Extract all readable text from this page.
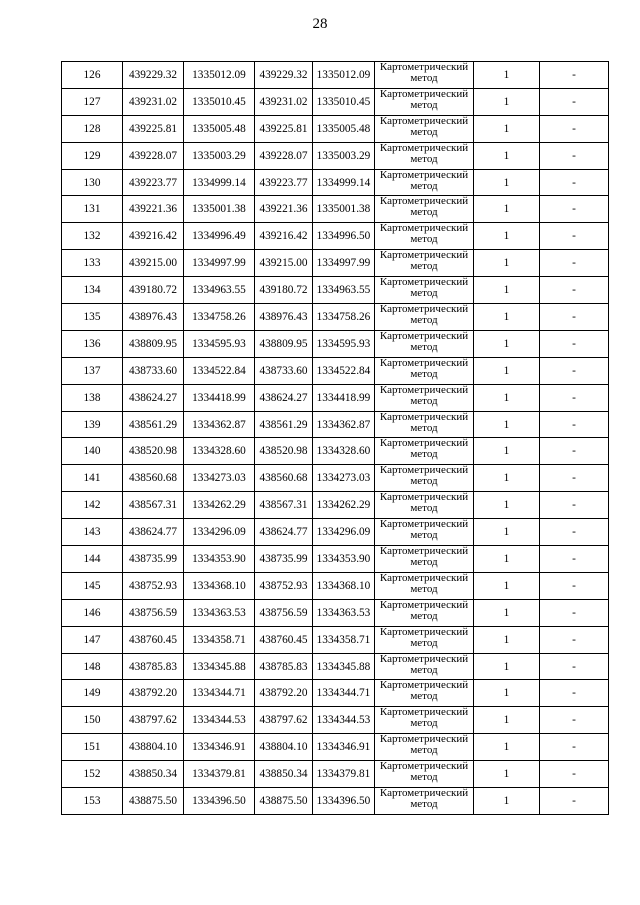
28
126	439229.32	1335012.09	439229.32	1335012.09	Картометрический
метод	1	-
127	439231.02	1335010.45	439231.02	1335010.45	Картометрический
метод	1	-
128	439225.81	1335005.48	439225.81	1335005.48	Картометрический
метод	1	-
129	439228.07	1335003.29	439228.07	1335003.29	Картометрический
метод	1	-
130	439223.77	1334999.14	439223.77	1334999.14	Картометрический
метод	1	-
131	439221.36	1335001.38	439221.36	1335001.38	Картометрический
метод	1	-
132	439216.42	1334996.49	439216.42	1334996.50	Картометрический
метод	1	-
133	439215.00	1334997.99	439215.00	1334997.99	Картометрический
метод	1	-
134	439180.72	1334963.55	439180.72	1334963.55	Картометрический
метод	1	-
135	438976.43	1334758.26	438976.43	1334758.26	Картометрический
метод	1	-
136	438809.95	1334595.93	438809.95	1334595.93	Картометрический
метод	1	-
137	438733.60	1334522.84	438733.60	1334522.84	Картометрический
метод	1	-
138	438624.27	1334418.99	438624.27	1334418.99	Картометрический
метод	1	-
139	438561.29	1334362.87	438561.29	1334362.87	Картометрический
метод	1	-
140	438520.98	1334328.60	438520.98	1334328.60	Картометрический
метод	1	-
141	438560.68	1334273.03	438560.68	1334273.03	Картометрический
метод	1	-
142	438567.31	1334262.29	438567.31	1334262.29	Картометрический
метод	1	-
143	438624.77	1334296.09	438624.77	1334296.09	Картометрический
метод	1	-
144	438735.99	1334353.90	438735.99	1334353.90	Картометрический
метод	1	-
145	438752.93	1334368.10	438752.93	1334368.10	Картометрический
метод	1	-
146	438756.59	1334363.53	438756.59	1334363.53	Картометрический
метод	1	-
147	438760.45	1334358.71	438760.45	1334358.71	Картометрический
метод	1	-
148	438785.83	1334345.88	438785.83	1334345.88	Картометрический
метод	1	-
149	438792.20	1334344.71	438792.20	1334344.71	Картометрический
метод	1	-
150	438797.62	1334344.53	438797.62	1334344.53	Картометрический
метод	1	-
151	438804.10	1334346.91	438804.10	1334346.91	Картометрический
метод	1	-
152	438850.34	1334379.81	438850.34	1334379.81	Картометрический
метод	1	-
153	438875.50	1334396.50	438875.50	1334396.50	Картометрический
метод	1	-
